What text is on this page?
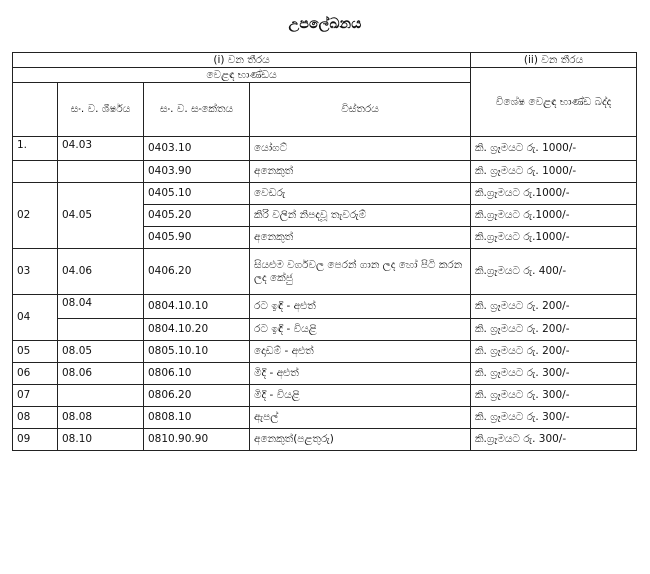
උපලේඛනය
(i) වන තීරය				(ii) වන තීරය
වෙළඳ භාණ්ඩය				විශේෂ වෙළඳ භාණ්ඩ බද්ද
	සං. ව. ශීර්ෂය	සං. ව. සංකේතය	විස්තරය	
1.	04.03	0403.10	යෝගට්	කි. ග්‍රෑමයට රු. 1000/-
		0403.90	අනෙකුත්	කි. ග්‍රෑමයට රු. 1000/-
02	04.05	0405.10	වෙඩරු	කි.ග්‍රෑමයට රු.1000/-
		0405.20	කිරි වලින් නිපදවූ තැවරුම්	කි.ග්‍රෑමයට රු.1000/-
		0405.90	අනෙකුත්	කි.ග්‍රෑමයට රු.1000/-
03	04.06	0406.20	සියළුම වර්ගවල පෙරන් ගාන ලද හෝ පිටි කරන ලද කේජු	කි.ග්‍රෑමයට රු. 400/-
04	08.04	0804.10.10	රට ඉඳි - අළුත්	කි. ග්‍රෑමයට රු. 200/-
		0804.10.20	රට ඉඳි - වියළි	කි. ග්‍රෑමයට රු. 200/-
05	08.05	0805.10.10	දොඩම් - අළුත්	කි. ග්‍රෑමයට රු. 200/-
06	08.06	0806.10	මිදි - අළුත්	කි. ග්‍රෑමයට රු. 300/-
07		0806.20	මිදි - වියළි	කි. ග්‍රෑමයට රු. 300/-
08	08.08	0808.10	ඇපල්	කි. ග්‍රෑමයට රු. 300/-
09	08.10	0810.90.90	අනෙකුත්(පළතුරු)	කි.ග්‍රෑමයට රු. 300/-
